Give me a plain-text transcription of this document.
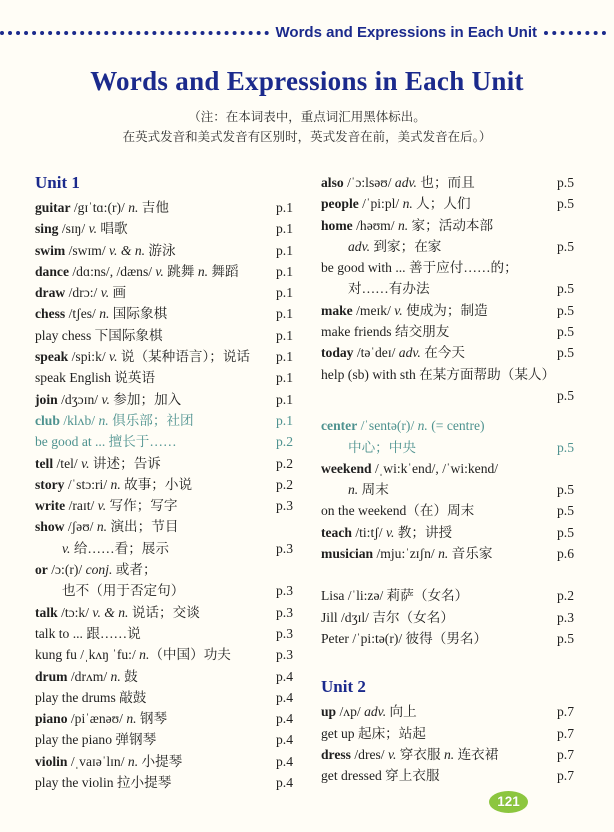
Words and Expressions in Each Unit
Words and Expressions in Each Unit
（注：在本词表中，重点词汇用黑体标出。
在英式发音和美式发音有区别时，英式发音在前，美式发音在后。）
Unit 1
guitar /gɪˈtɑ:(r)/ n. 吉他	p.1
sing /sɪŋ/ v. 唱歌	p.1
swim /swɪm/ v. & n. 游泳	p.1
dance /dɑ:ns/, /dæns/ v. 跳舞 n. 舞蹈	p.1
draw /drɔ:/ v. 画	p.1
chess /tʃes/ n. 国际象棋	p.1
play chess 下国际象棋	p.1
speak /spi:k/ v. 说（某种语言）；说话	p.1
speak English 说英语	p.1
join /dʒɔɪn/ v. 参加；加入	p.1
club /klʌb/ n. 俱乐部；社团	p.1
be good at ... 擅长于……	p.2
tell /tel/ v. 讲述；告诉	p.2
story /ˈstɔ:ri/ n. 故事；小说	p.2
write /raɪt/ v. 写作；写字	p.3
show /ʃəʊ/ n. 演出；节目
v. 给……看；展示	p.3
or /ɔ:(r)/ conj. 或者；
也不（用于否定句）	p.3
talk /tɔ:k/ v. & n. 说话；交谈	p.3
talk to ... 跟……说	p.3
kung fu /ˌkʌŋ ˈfu:/ n.（中国）功夫	p.3
drum /drʌm/ n. 鼓	p.4
play the drums 敲鼓	p.4
piano /piˈænəʊ/ n. 钢琴	p.4
play the piano 弹钢琴	p.4
violin /ˌvaɪəˈlɪn/ n. 小提琴	p.4
play the violin 拉小提琴	p.4
also /ˈɔ:lsəʊ/ adv. 也；而且	p.5
people /ˈpi:pl/ n. 人；人们	p.5
home /həʊm/ n. 家；活动本部
adv. 到家；在家	p.5
be good with ... 善于应付……的；
对……有办法	p.5
make /meɪk/ v. 使成为；制造	p.5
make friends 结交朋友	p.5
today /təˈdeɪ/ adv. 在今天	p.5
help (sb) with sth 在某方面帮助（某人）
p.5
center /ˈsentə(r)/ n. (= centre)
中心；中央	p.5
weekend /ˌwi:kˈend/, /ˈwi:kend/
n. 周末	p.5
on the weekend（在）周末	p.5
teach /ti:tʃ/ v. 教；讲授	p.5
musician /mju:ˈzɪʃn/ n. 音乐家	p.6
Lisa /ˈli:zə/ 莉萨（女名）	p.2
Jill /dʒɪl/ 吉尔（女名）	p.3
Peter /ˈpi:tə(r)/ 彼得（男名）	p.5
Unit 2
up /ʌp/ adv. 向上	p.7
get up 起床；站起	p.7
dress /dres/ v. 穿衣服 n. 连衣裙	p.7
get dressed 穿上衣服	p.7
121
